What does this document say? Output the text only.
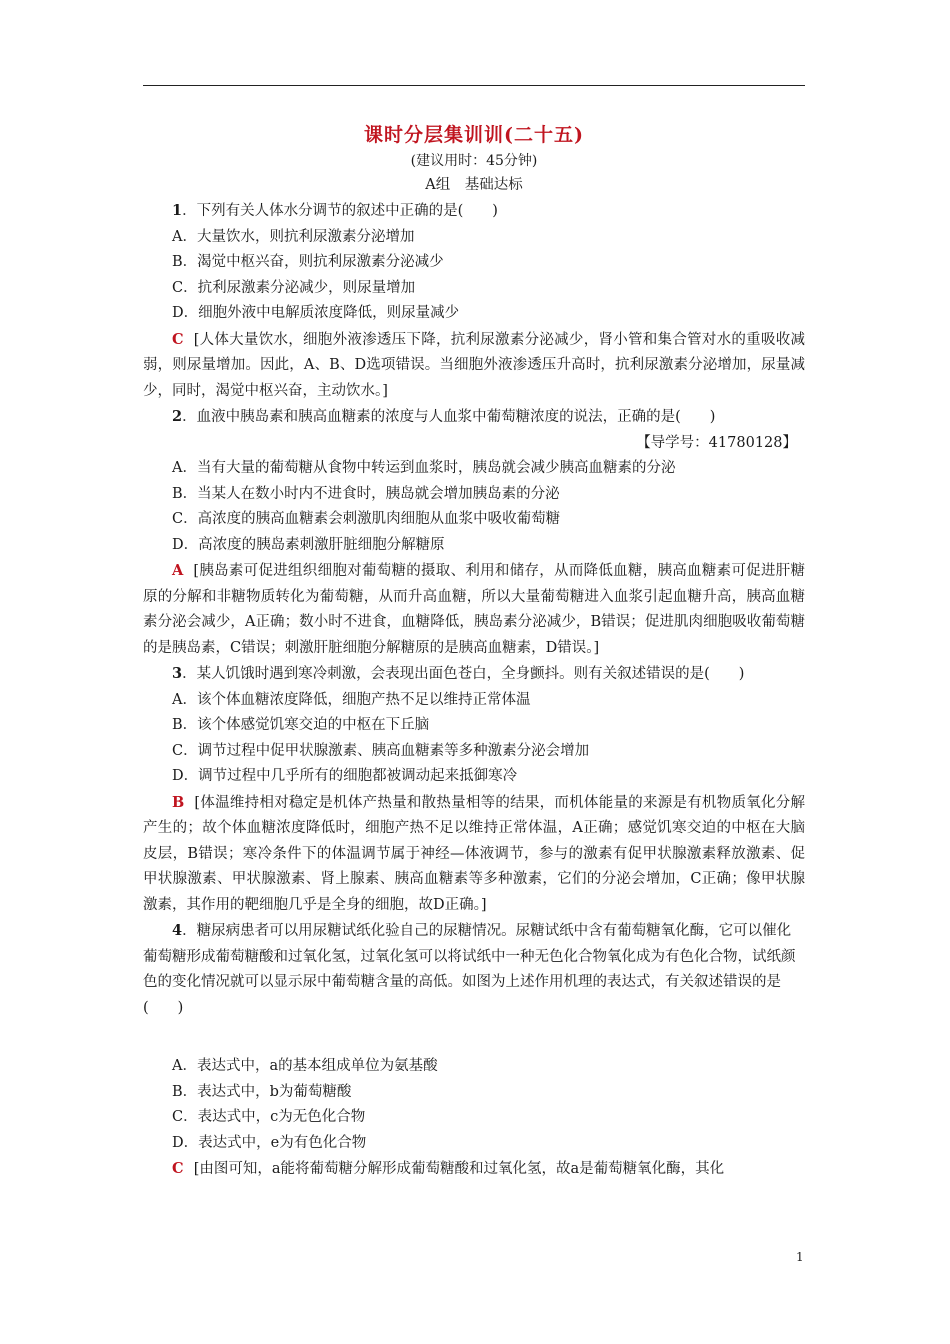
课时分层集训训(二十五)

(建议用时：45分钟)

A组　基础达标

1．下列有关人体水分调节的叙述中正确的是(　　)

A．大量饮水，则抗利尿激素分泌增加

B．渴觉中枢兴奋，则抗利尿激素分泌减少

C．抗利尿激素分泌减少，则尿量增加

D．细胞外液中电解质浓度降低，则尿量减少

C [人体大量饮水，细胞外液渗透压下降，抗利尿激素分泌减少，肾小管和集合管对水的重吸收减弱，则尿量增加。因此，A、B、D选项错误。当细胞外液渗透压升高时，抗利尿激素分泌增加，尿量减少，同时，渴觉中枢兴奋，主动饮水。]

2．血液中胰岛素和胰高血糖素的浓度与人血浆中葡萄糖浓度的说法，正确的是(　　)

【导学号：41780128】

A．当有大量的葡萄糖从食物中转运到血浆时，胰岛就会减少胰高血糖素的分泌

B．当某人在数小时内不进食时，胰岛就会增加胰岛素的分泌

C．高浓度的胰高血糖素会刺激肌肉细胞从血浆中吸收葡萄糖

D．高浓度的胰岛素刺激肝脏细胞分解糖原

A [胰岛素可促进组织细胞对葡萄糖的摄取、利用和储存，从而降低血糖，胰高血糖素可促进肝糖原的分解和非糖物质转化为葡萄糖，从而升高血糖，所以大量葡萄糖进入血浆引起血糖升高，胰高血糖素分泌会减少，A正确；数小时不进食，血糖降低，胰岛素分泌减少，B错误；促进肌肉细胞吸收葡萄糖的是胰岛素，C错误；刺激肝脏细胞分解糖原的是胰高血糖素，D错误。]

3．某人饥饿时遇到寒冷刺激，会表现出面色苍白，全身颤抖。则有关叙述错误的是(　　)

A．该个体血糖浓度降低，细胞产热不足以维持正常体温

B．该个体感觉饥寒交迫的中枢在下丘脑

C．调节过程中促甲状腺激素、胰高血糖素等多种激素分泌会增加

D．调节过程中几乎所有的细胞都被调动起来抵御寒冷

B [体温维持相对稳定是机体产热量和散热量相等的结果，而机体能量的来源是有机物质氧化分解产生的；故个体血糖浓度降低时，细胞产热不足以维持正常体温，A正确；感觉饥寒交迫的中枢在大脑皮层，B错误；寒冷条件下的体温调节属于神经—体液调节，参与的激素有促甲状腺激素释放激素、促甲状腺激素、甲状腺激素、肾上腺素、胰高血糖素等多种激素，它们的分泌会增加，C正确；像甲状腺激素，其作用的靶细胞几乎是全身的细胞，故D正确。]

4．糖尿病患者可以用尿糖试纸化验自己的尿糖情况。尿糖试纸中含有葡萄糖氧化酶，它可以催化葡萄糖形成葡萄糖酸和过氧化氢，过氧化氢可以将试纸中一种无色化合物氧化成为有色化合物，试纸颜色的变化情况就可以显示尿中葡萄糖含量的高低。如图为上述作用机理的表达式，有关叙述错误的是(　　)

A．表达式中，a的基本组成单位为氨基酸

B．表达式中，b为葡萄糖酸

C．表达式中，c为无色化合物

D．表达式中，e为有色化合物

C [由图可知，a能将葡萄糖分解形成葡萄糖酸和过氧化氢，故a是葡萄糖氧化酶，其化

1
